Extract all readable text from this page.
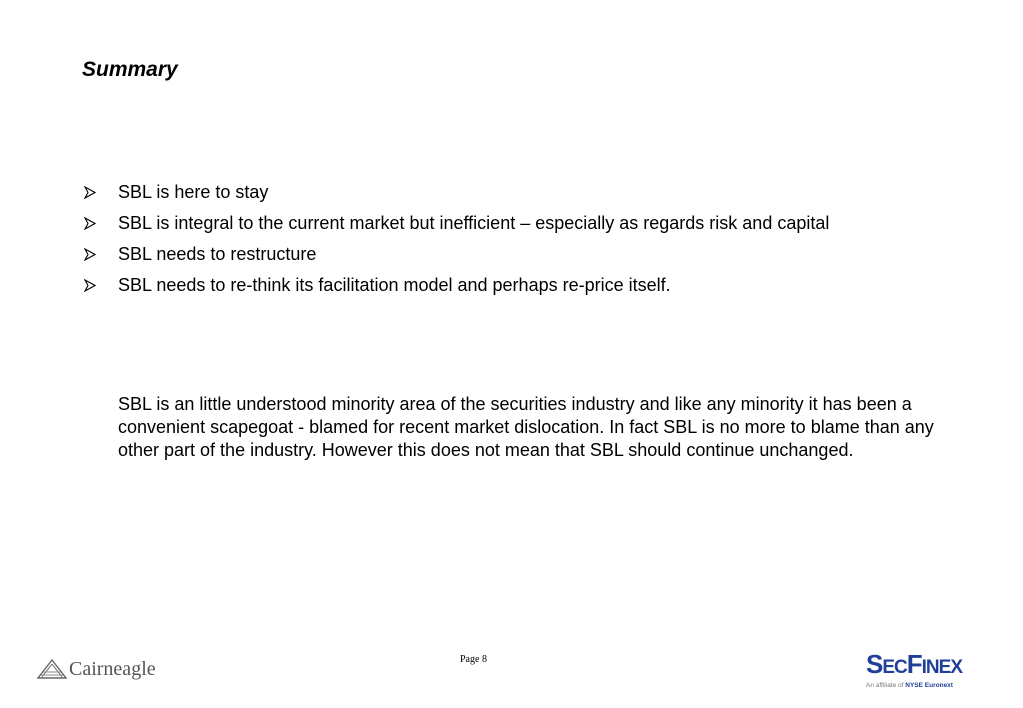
Summary
SBL is here to stay
SBL is integral to the current market but inefficient – especially as regards risk and capital
SBL needs to restructure
SBL needs to re-think its facilitation model and perhaps re-price itself.

SBL is an little understood minority area of the securities industry and like any minority it has been a convenient scapegoat - blamed for recent market dislocation. In fact SBL is no more to blame than any other part of the industry. However this does not mean that SBL should continue unchanged.

Cairneagle	Page 8	SECFINEX
An affiliate of NYSE Euronext
